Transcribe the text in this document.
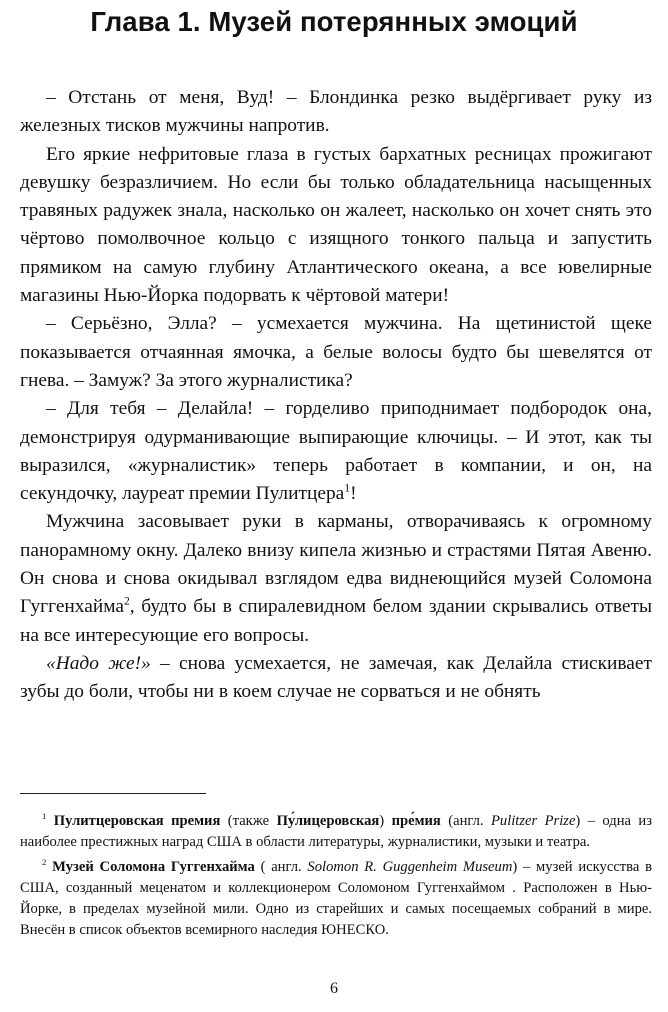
Глава 1. Музей потерянных эмоций

– Отстань от меня, Вуд! – Блондинка резко выдёргивает руку из железных тисков мужчины напротив.

Его яркие нефритовые глаза в густых бархатных ресницах прожигают девушку безразличием. Но если бы только обладательница насыщенных травяных радужек знала, насколько он жалеет, насколько он хочет снять это чёртово помолвочное кольцо с изящного тонкого пальца и запустить прямиком на самую глубину Атлантического океана, а все ювелирные магазины Нью-Йорка подорвать к чёртовой матери!

– Серьёзно, Элла? – усмехается мужчина. На щетинистой щеке показывается отчаянная ямочка, а белые волосы будто бы шевелятся от гнева. – Замуж? За этого журналистика?

– Для тебя – Делайла! – горделиво приподнимает подбородок она, демонстрируя одурманивающие выпирающие ключицы. – И этот, как ты выразился, «журналистик» теперь работает в компании, и он, на секундочку, лауреат премии Пулитцера$^1$!

Мужчина засовывает руки в карманы, отворачиваясь к огромному панорамному окну. Далеко внизу кипела жизнью и страстями Пятая Авеню. Он снова и снова окидывал взглядом едва виднеющийся музей Соломона Гуггенхайма$^2$, будто бы в спиралевидном белом здании скрывались ответы на все интересующие его вопросы.

«Надо же!» – снова усмехается, не замечая, как Делайла стискивает зубы до боли, чтобы ни в коем случае не сорваться и не обнять

$^1$ Пулитцеровская премия (также Пу́лицеровская) пре́мия (англ. Pulitzer Prize) – одна из наиболее престижных наград США в области литературы, журналистики, музыки и театра.

$^2$ Музей Соломона Гуггенхайма ( англ. Solomon R. Guggenheim Museum) – музей искусства в США, созданный меценатом и коллекционером Соломоном Гуггенхаймом . Расположен в Нью-Йорке, в пределах музейной мили. Одно из старейших и самых посещаемых собраний в мире. Внесён в список объектов всемирного наследия ЮНЕСКО.

6
